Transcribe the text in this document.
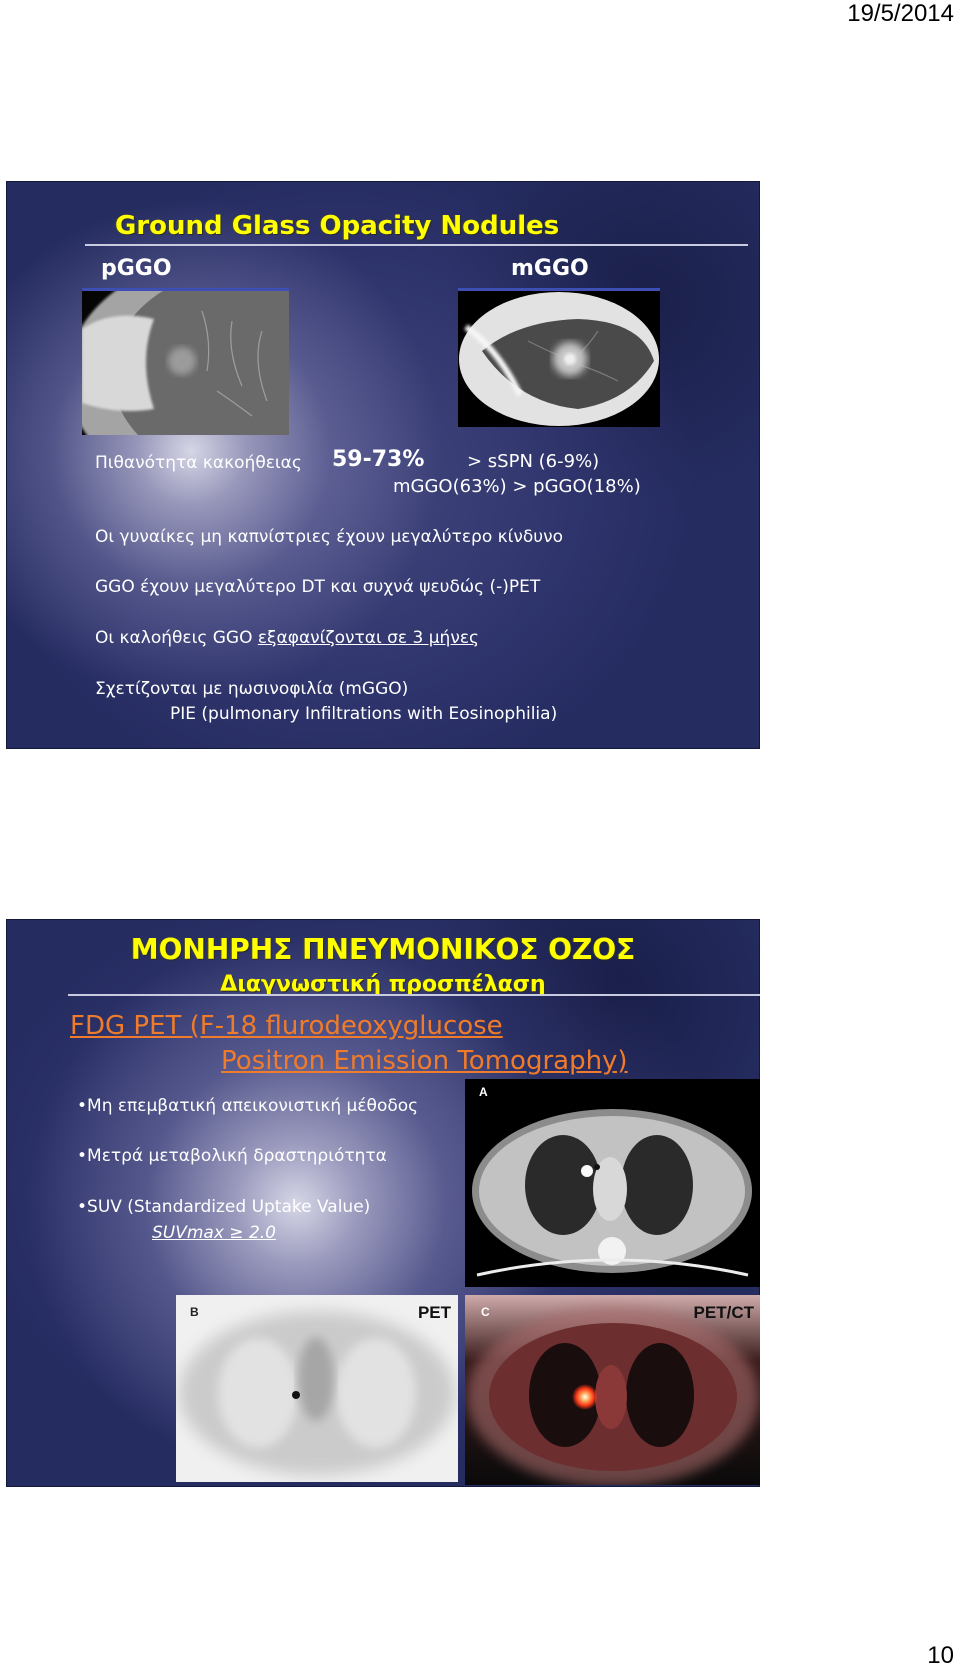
19/5/2014
Ground Glass Opacity Nodules
pGGO	mGGO
Πιθανότητα κακοήθειας 59-73% > sSPN (6-9%)
mGGO(63%) > pGGO(18%)
Οι γυναίκες μη καπνίστριες έχουν μεγαλύτερο κίνδυνο
GGO έχουν μεγαλύτερο DT και συχνά ψευδώς (-)PET
Οι καλοήθεις GGO εξαφανίζονται σε 3 μήνες
Σχετίζονται με ηωσινοφιλία (mGGO)
PIE (pulmonary Infiltrations with Eosinophilia)
ΜΟΝΗΡΗΣ ΠΝΕΥΜΟΝΙΚΟΣ ΟΖΟΣ
Διαγνωστική προσπέλαση
FDG PET (F-18 flurodeoxyglucose
Positron Emission Tomography)
A
•Μη επεμβατική απεικονιστική μέθοδος
•Μετρά μεταβολική δραστηριότητα
•SUV (Standardized Uptake Value)
SUVmax ≥ 2.0
B	PET	C	PET/CT
10
